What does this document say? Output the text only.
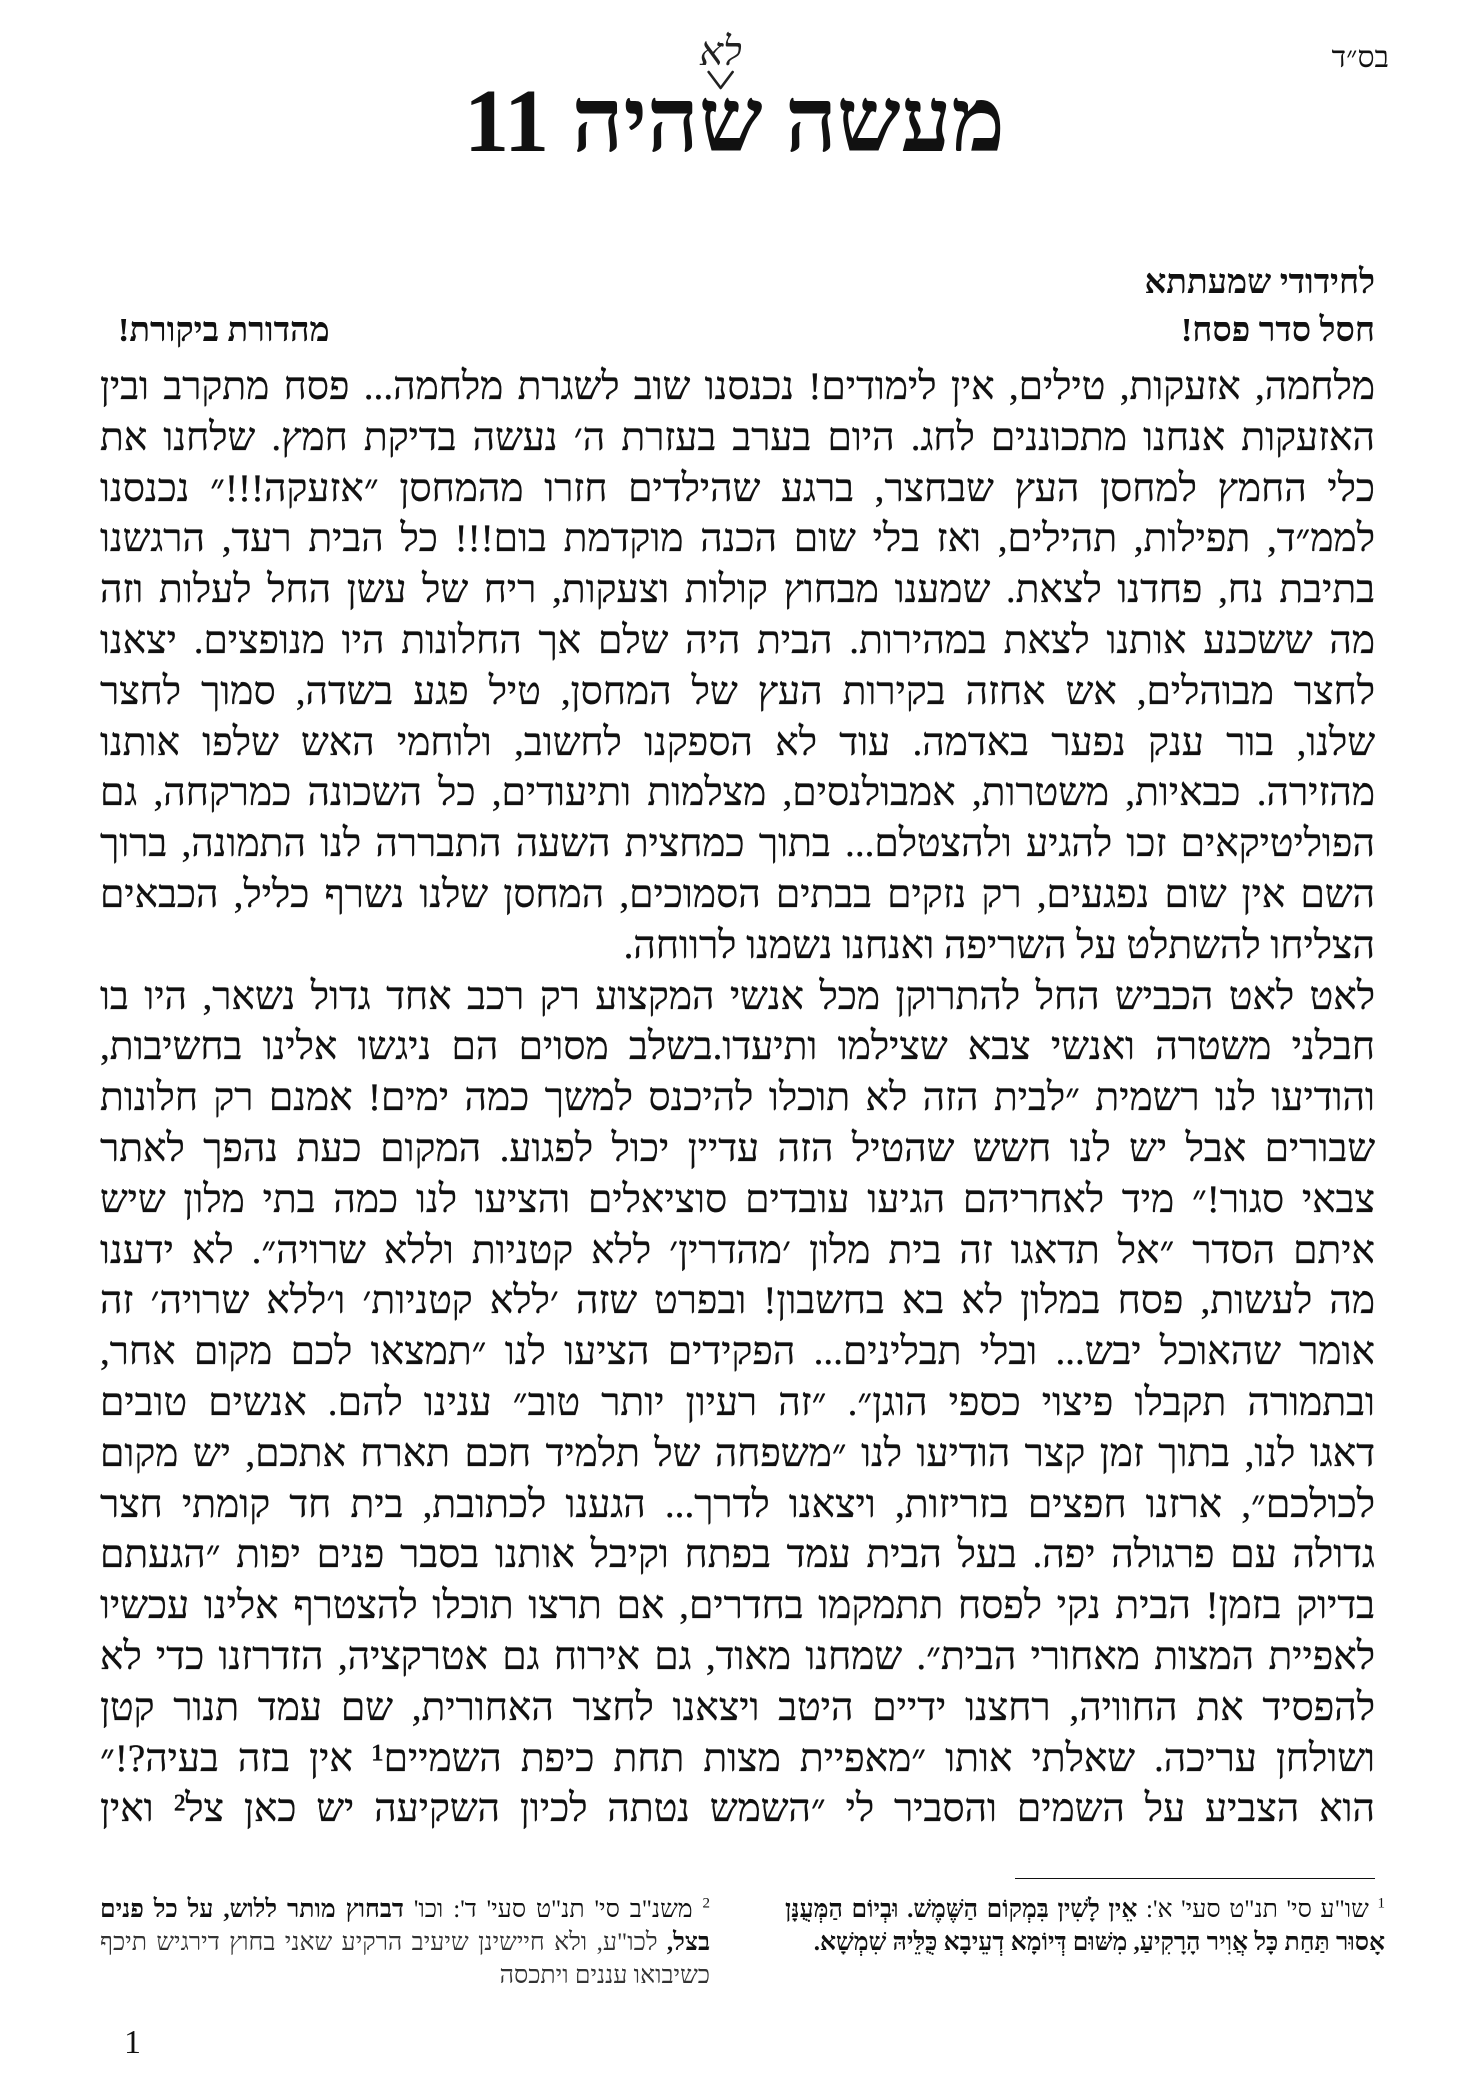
בס״ד
מעשה ש
לא
היה 11
לחידודי שמעתתא
חסל סדר פסח!
מהדורת ביקורת!
מלחמה, אזעקות, טילים, אין לימודים! נכנסנו שוב לשגרת מלחמה... פסח מתקרב ובין
האזעקות אנחנו מתכוננים לחג. היום בערב בעזרת ה׳ נעשה בדיקת חמץ. שלחנו את
כלי החמץ למחסן העץ שבחצר, ברגע שהילדים חזרו מהמחסן ״אזעקה!!!״ נכנסנו
לממ״ד, תפילות, תהילים, ואז בלי שום הכנה מוקדמת בום!!! כל הבית רעד, הרגשנו
בתיבת נח, פחדנו לצאת. שמענו מבחוץ קולות וצעקות, ריח של עשן החל לעלות וזה
מה ששכנע אותנו לצאת במהירות. הבית היה שלם אך החלונות היו מנופצים. יצאנו
לחצר מבוהלים, אש אחזה בקירות העץ של המחסן, טיל פגע בשדה, סמוך לחצר
שלנו, בור ענק נפער באדמה. עוד לא הספקנו לחשוב, ולוחמי האש שלפו אותנו
מהזירה. כבאיות, משטרות, אמבולנסים, מצלמות ותיעודים, כל השכונה כמרקחה, גם
הפוליטיקאים זכו להגיע ולהצטלם... בתוך כמחצית השעה התבררה לנו התמונה, ברוך
השם אין שום נפגעים, רק נזקים בבתים הסמוכים, המחסן שלנו נשרף כליל, הכבאים
הצליחו להשתלט על השריפה ואנחנו נשמנו לרווחה.
לאט לאט הכביש החל להתרוקן מכל אנשי המקצוע רק רכב אחד גדול נשאר, היו בו
חבלני משטרה ואנשי צבא שצילמו ותיעדו.בשלב מסוים הם ניגשו אלינו בחשיבות,
והודיעו לנו רשמית ״לבית הזה לא תוכלו להיכנס למשך כמה ימים! אמנם רק חלונות
שבורים אבל יש לנו חשש שהטיל הזה עדיין יכול לפגוע. המקום כעת נהפך לאתר
צבאי סגור!״ מיד לאחריהם הגיעו עובדים סוציאלים והציעו לנו כמה בתי מלון שיש
איתם הסדר ״אל תדאגו זה בית מלון ׳מהדרין׳ ללא קטניות וללא שרויה״. לא ידענו
מה לעשות, פסח במלון לא בא בחשבון! ובפרט שזה ׳ללא קטניות׳ ו׳ללא שרויה׳ זה
אומר שהאוכל יבש... ובלי תבלינים... הפקידים הציעו לנו ״תמצאו לכם מקום אחר,
ובתמורה תקבלו פיצוי כספי הוגן״. ״זה רעיון יותר טוב״ ענינו להם. אנשים טובים
דאגו לנו, בתוך זמן קצר הודיעו לנו ״משפחה של תלמיד חכם תארח אתכם, יש מקום
לכולכם״, ארזנו חפצים בזריזות, ויצאנו לדרך... הגענו לכתובת, בית חד קומתי חצר
גדולה עם פרגולה יפה. בעל הבית עמד בפתח וקיבל אותנו בסבר פנים יפות ״הגעתם
בדיוק בזמן! הבית נקי לפסח תתמקמו בחדרים, אם תרצו תוכלו להצטרף אלינו עכשיו
לאפיית המצות מאחורי הבית״. שמחנו מאוד, גם אירוח גם אטרקציה, הזדרזנו כדי לא
להפסיד את החוויה, רחצנו ידיים היטב ויצאנו לחצר האחורית, שם עמד תנור קטן
ושולחן עריכה. שאלתי אותו ״מאפיית מצות תחת כיפת השמיים¹ אין בזה בעיה?!״
הוא הצביע על השמים והסביר לי ״השמש נטתה לכיון השקיעה יש כאן צל² ואין
$^1$ שו"ע סי' תנ"ט סעי' א': אֵין לָשִׁין בִּמְקוֹם הַשֶּׁמֶשׁ. וּבְיוֹם הַמְּעֻנָּן אָסוּר תַּחַת כָּל אֲוִיר הָרָקִיעַ, מִשּׁוּם דְּיוֹמָא דְעֵיבָא כֻּלֵּיהּ שִׁמְשָׁא.
$^2$ משנ"ב סי' תנ"ט סעי' ד': וכו' דבחוץ מותר ללוש, על כל פנים בצל, לכו"ע, ולא חיישינן שיעיב הרקיע שאני בחוץ דירגיש תיכף כשיבואו עננים ויתכסה
1
